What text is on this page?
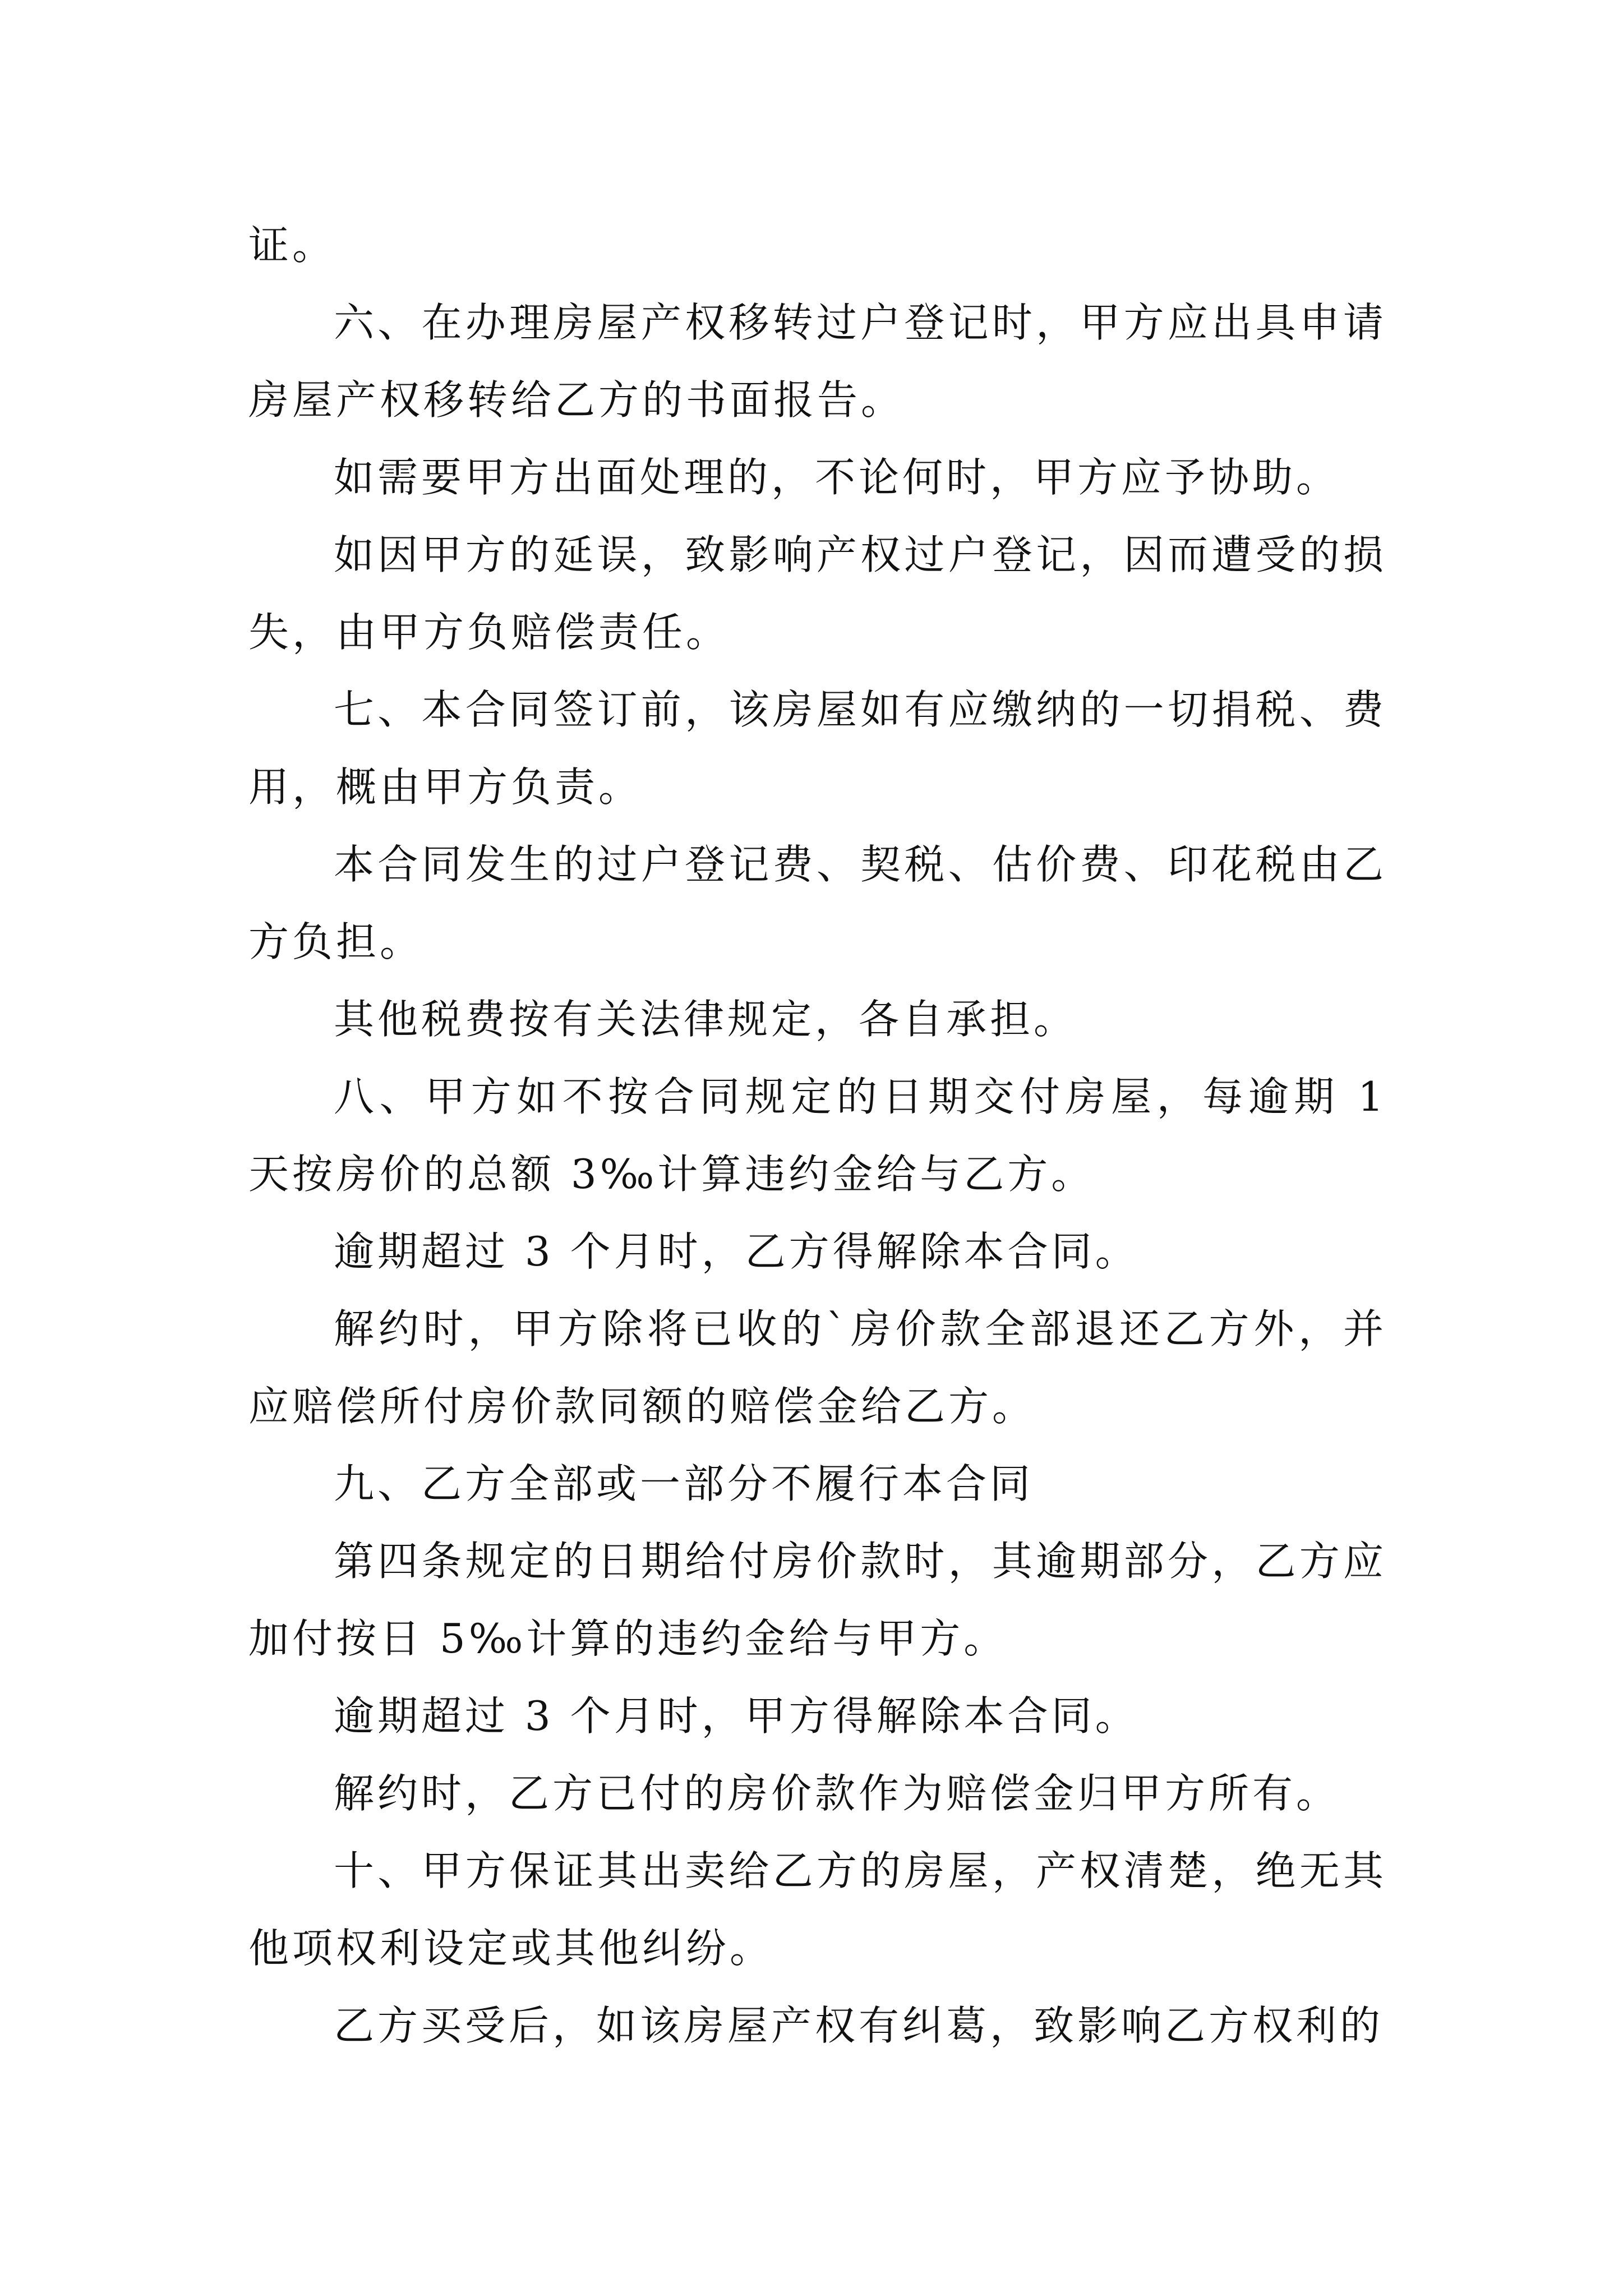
证。

六、在办理房屋产权移转过户登记时，甲方应出具申请房屋产权移转给乙方的书面报告。

如需要甲方出面处理的，不论何时，甲方应予协助。

如因甲方的延误，致影响产权过户登记，因而遭受的损失，由甲方负赔偿责任。

七、本合同签订前，该房屋如有应缴纳的一切捐税、费用，概由甲方负责。

本合同发生的过户登记费、契税、估价费、印花税由乙方负担。

其他税费按有关法律规定，各自承担。

八、甲方如不按合同规定的日期交付房屋，每逾期 1 天按房价的总额 3‰计算违约金给与乙方。

逾期超过 3 个月时，乙方得解除本合同。

解约时，甲方除将已收的`房价款全部退还乙方外，并应赔偿所付房价款同额的赔偿金给乙方。

九、乙方全部或一部分不履行本合同

第四条规定的日期给付房价款时，其逾期部分，乙方应加付按日 5‰计算的违约金给与甲方。

逾期超过 3 个月时，甲方得解除本合同。

解约时，乙方已付的房价款作为赔偿金归甲方所有。

十、甲方保证其出卖给乙方的房屋，产权清楚，绝无其他项权利设定或其他纠纷。

乙方买受后，如该房屋产权有纠葛，致影响乙方权利的
